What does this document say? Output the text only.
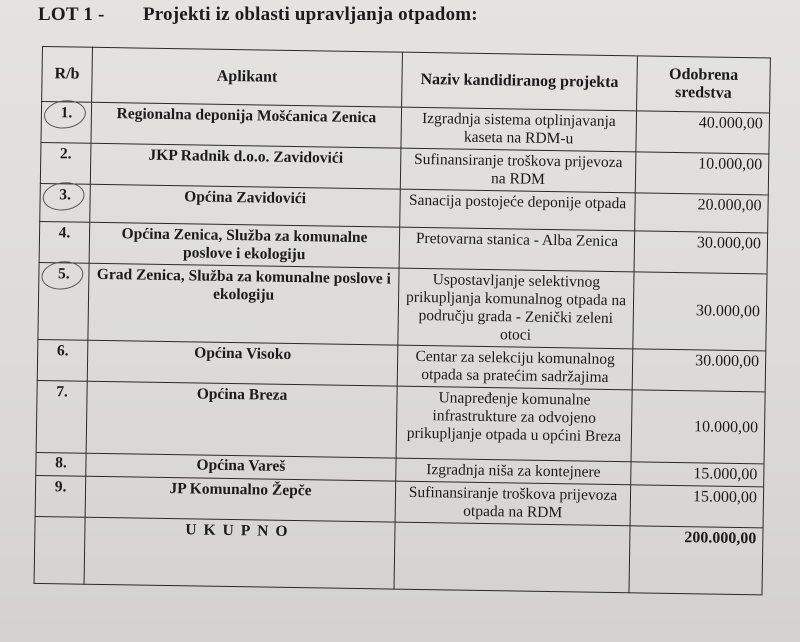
LOT 1 - Projekti iz oblasti upravljanja otpadom:
R/b	Aplikant	Naziv kandidiranog projekta	Odobrena sredstva

1.	Regionalna deponija Mošćanica Zenica	Izgradnja sistema otplinjavanja kaseta na RDM-u	40.000,00
2.	JKP Radnik d.o.o. Zavidovići	Sufinansiranje troškova prijevoza na RDM	10.000,00

3.	Općina Zavidovići	Sanacija postojeće deponije otpada	20.000,00
4.	Općina Zenica, Služba za komunalne poslove i ekologiju	Pretovarna stanica - Alba Zenica	30.000,00

5.	Grad Zenica, Služba za komunalne poslove i ekologiju	Uspostavljanje selektivnog prikupljanja komunalnog otpada na području grada - Zenički zeleni otoci	30.000,00
6.	Općina Visoko	Centar za selekciju komunalnog otpada sa pratećim sadržajima	30.000,00
7.	Općina Breza	Unapređenje komunalne infrastrukture za odvojeno prikupljanje otpada u općini Breza	10.000,00
8.	Općina Vareš	Izgradnja niša za kontejnere	15.000,00
9.	JP Komunalno Žepče	Sufinansiranje troškova prijevoza otpada na RDM	15.000,00
	UKUPNO		200.000,00
